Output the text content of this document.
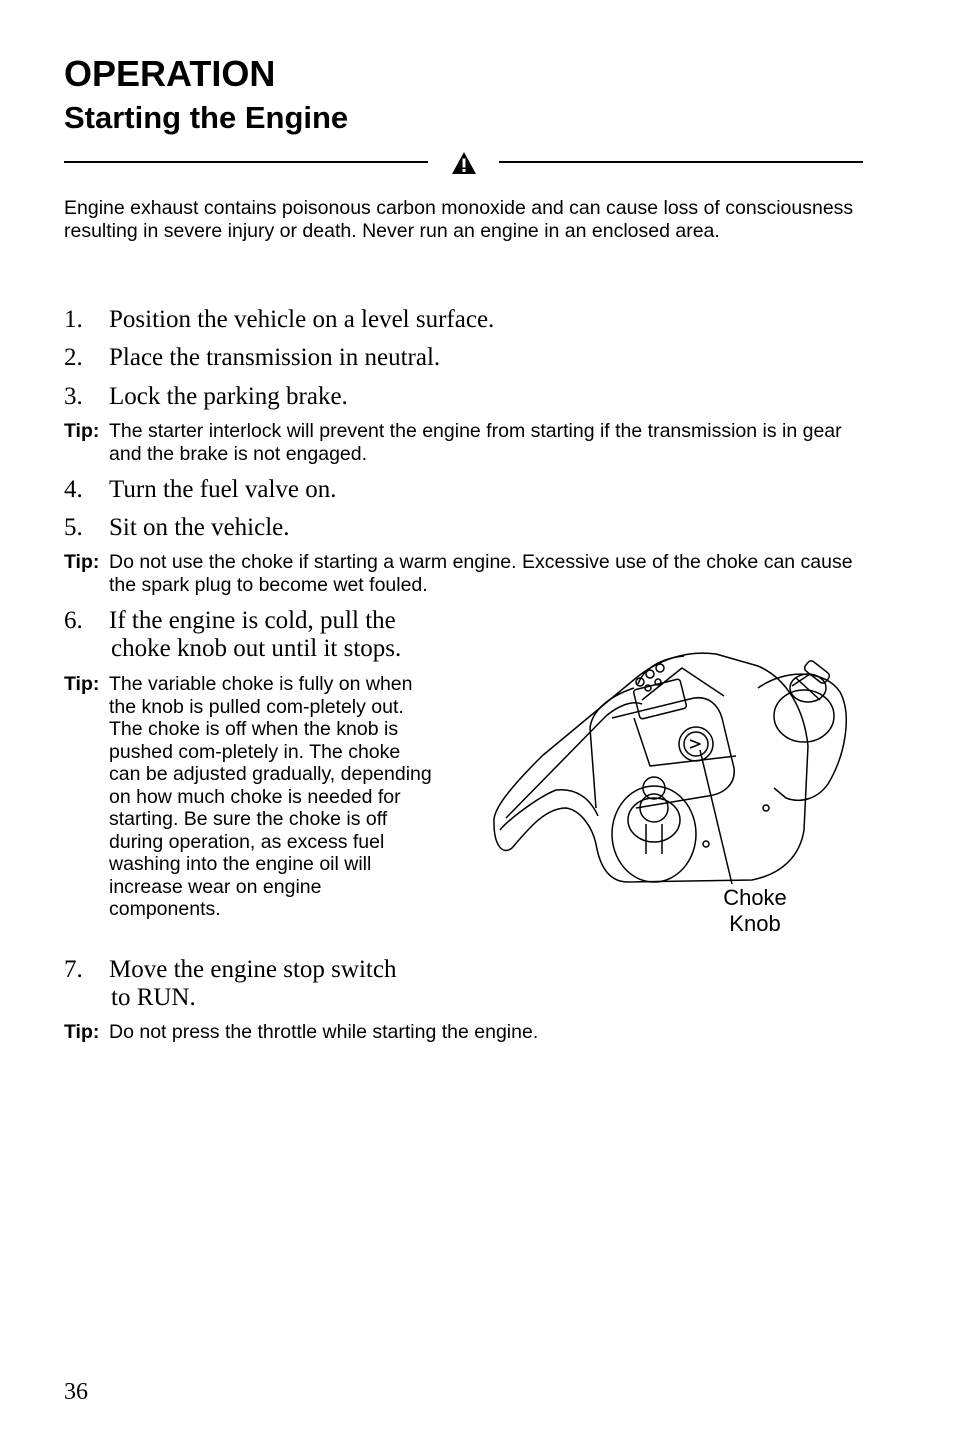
OPERATION
Starting the Engine
Engine exhaust contains poisonous carbon monoxide and can cause loss of consciousness resulting in severe injury or death. Never run an engine in an enclosed area.
1. Position the vehicle on a level surface.
2. Place the transmission in neutral.
3. Lock the parking brake.
Tip: The starter interlock will prevent the engine from starting if the transmission is in gear and the brake is not engaged.
4. Turn the fuel valve on.
5. Sit on the vehicle.
Tip: Do not use the choke if starting a warm engine. Excessive use of the choke can cause the spark plug to become wet fouled.
6. If the engine is cold, pull the
choke knob out until it stops.
Tip: The variable choke is fully on when the knob is pulled com-pletely out. The choke is off when the knob is pushed com-pletely in. The choke can be adjusted gradually, depending on how much choke is needed for starting. Be sure the choke is off during operation, as excess fuel washing into the engine oil will increase wear on engine components.
7. Move the engine stop switch
to RUN.
Tip: Do not press the throttle while starting the engine.
Choke
Knob
36
